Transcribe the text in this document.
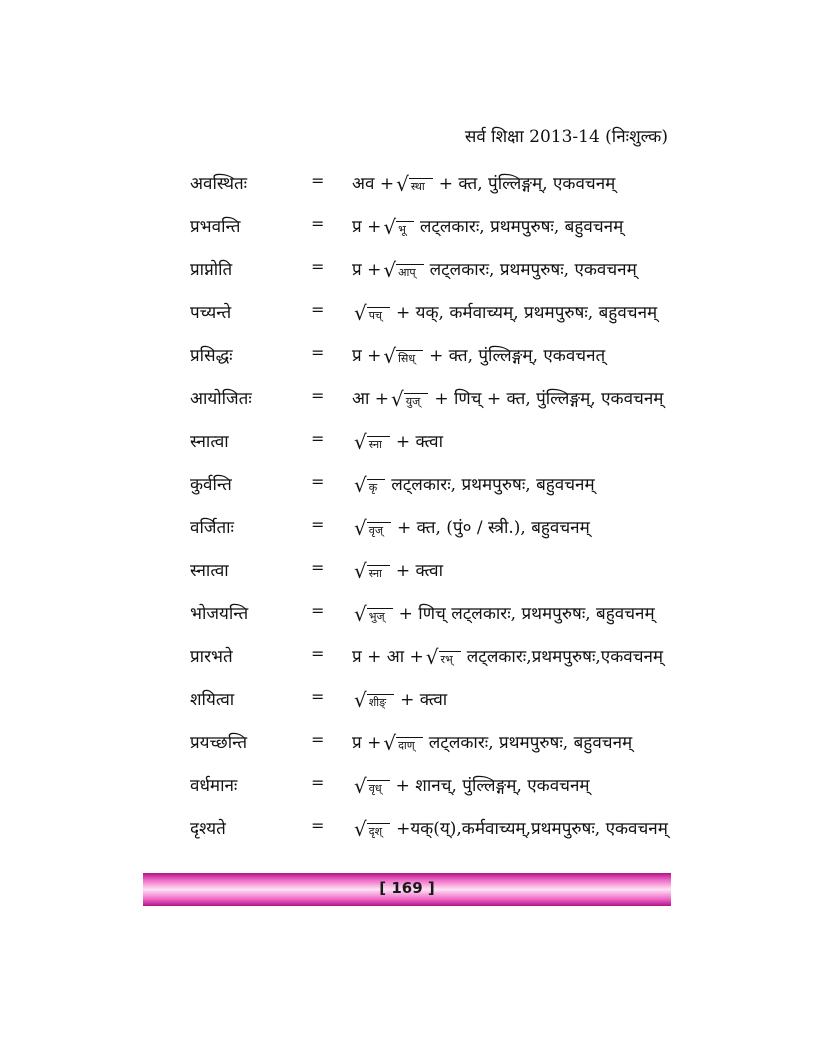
सर्व शिक्षा 2013-14 (निःशुल्क)
अवस्थितः	= अव + √ स्था + क्त, पुंल्लिङ्गम्, एकवचनम्
प्रभवन्ति	= प्र + √ भू लट्लकारः, प्रथमपुरुषः, बहुवचनम्
प्राप्नोति	= प्र + √ आप् लट्लकारः, प्रथमपुरुषः, एकवचनम्
पच्यन्ते	= √ पच् + यक्, कर्मवाच्यम्, प्रथमपुरुषः, बहुवचनम्
प्रसिद्धः	= प्र + √ सिध् + क्त, पुंल्लिङ्गम्, एकवचनत्
आयोजितः	= आ + √ युज् + णिच् + क्त, पुंल्लिङ्गम्, एकवचनम्
स्नात्वा	= √ स्ना + क्त्वा
कुर्वन्ति	= √ कृ लट्लकारः, प्रथमपुरुषः, बहुवचनम्
वर्जिताः	= √ वृज् + क्त, (पुं० / स्त्री.), बहुवचनम्
स्नात्वा	= √ स्ना + क्त्वा
भोजयन्ति	= √ भुज् + णिच् लट्लकारः, प्रथमपुरुषः, बहुवचनम्
प्रारभते	= प्र + आ + √ रभ् लट्लकारः,प्रथमपुरुषः,एकवचनम्
शयित्वा	= √ शीङ् + क्त्वा
प्रयच्छन्ति	= प्र + √ दाण् लट्लकारः, प्रथमपुरुषः, बहुवचनम्
वर्धमानः	= √ वृध् + शानच्, पुंल्लिङ्गम्, एकवचनम्
दृश्यते	= √ दृश् +यक्(य्),कर्मवाच्यम्,प्रथमपुरुषः, एकवचनम्
[ 169 ]
